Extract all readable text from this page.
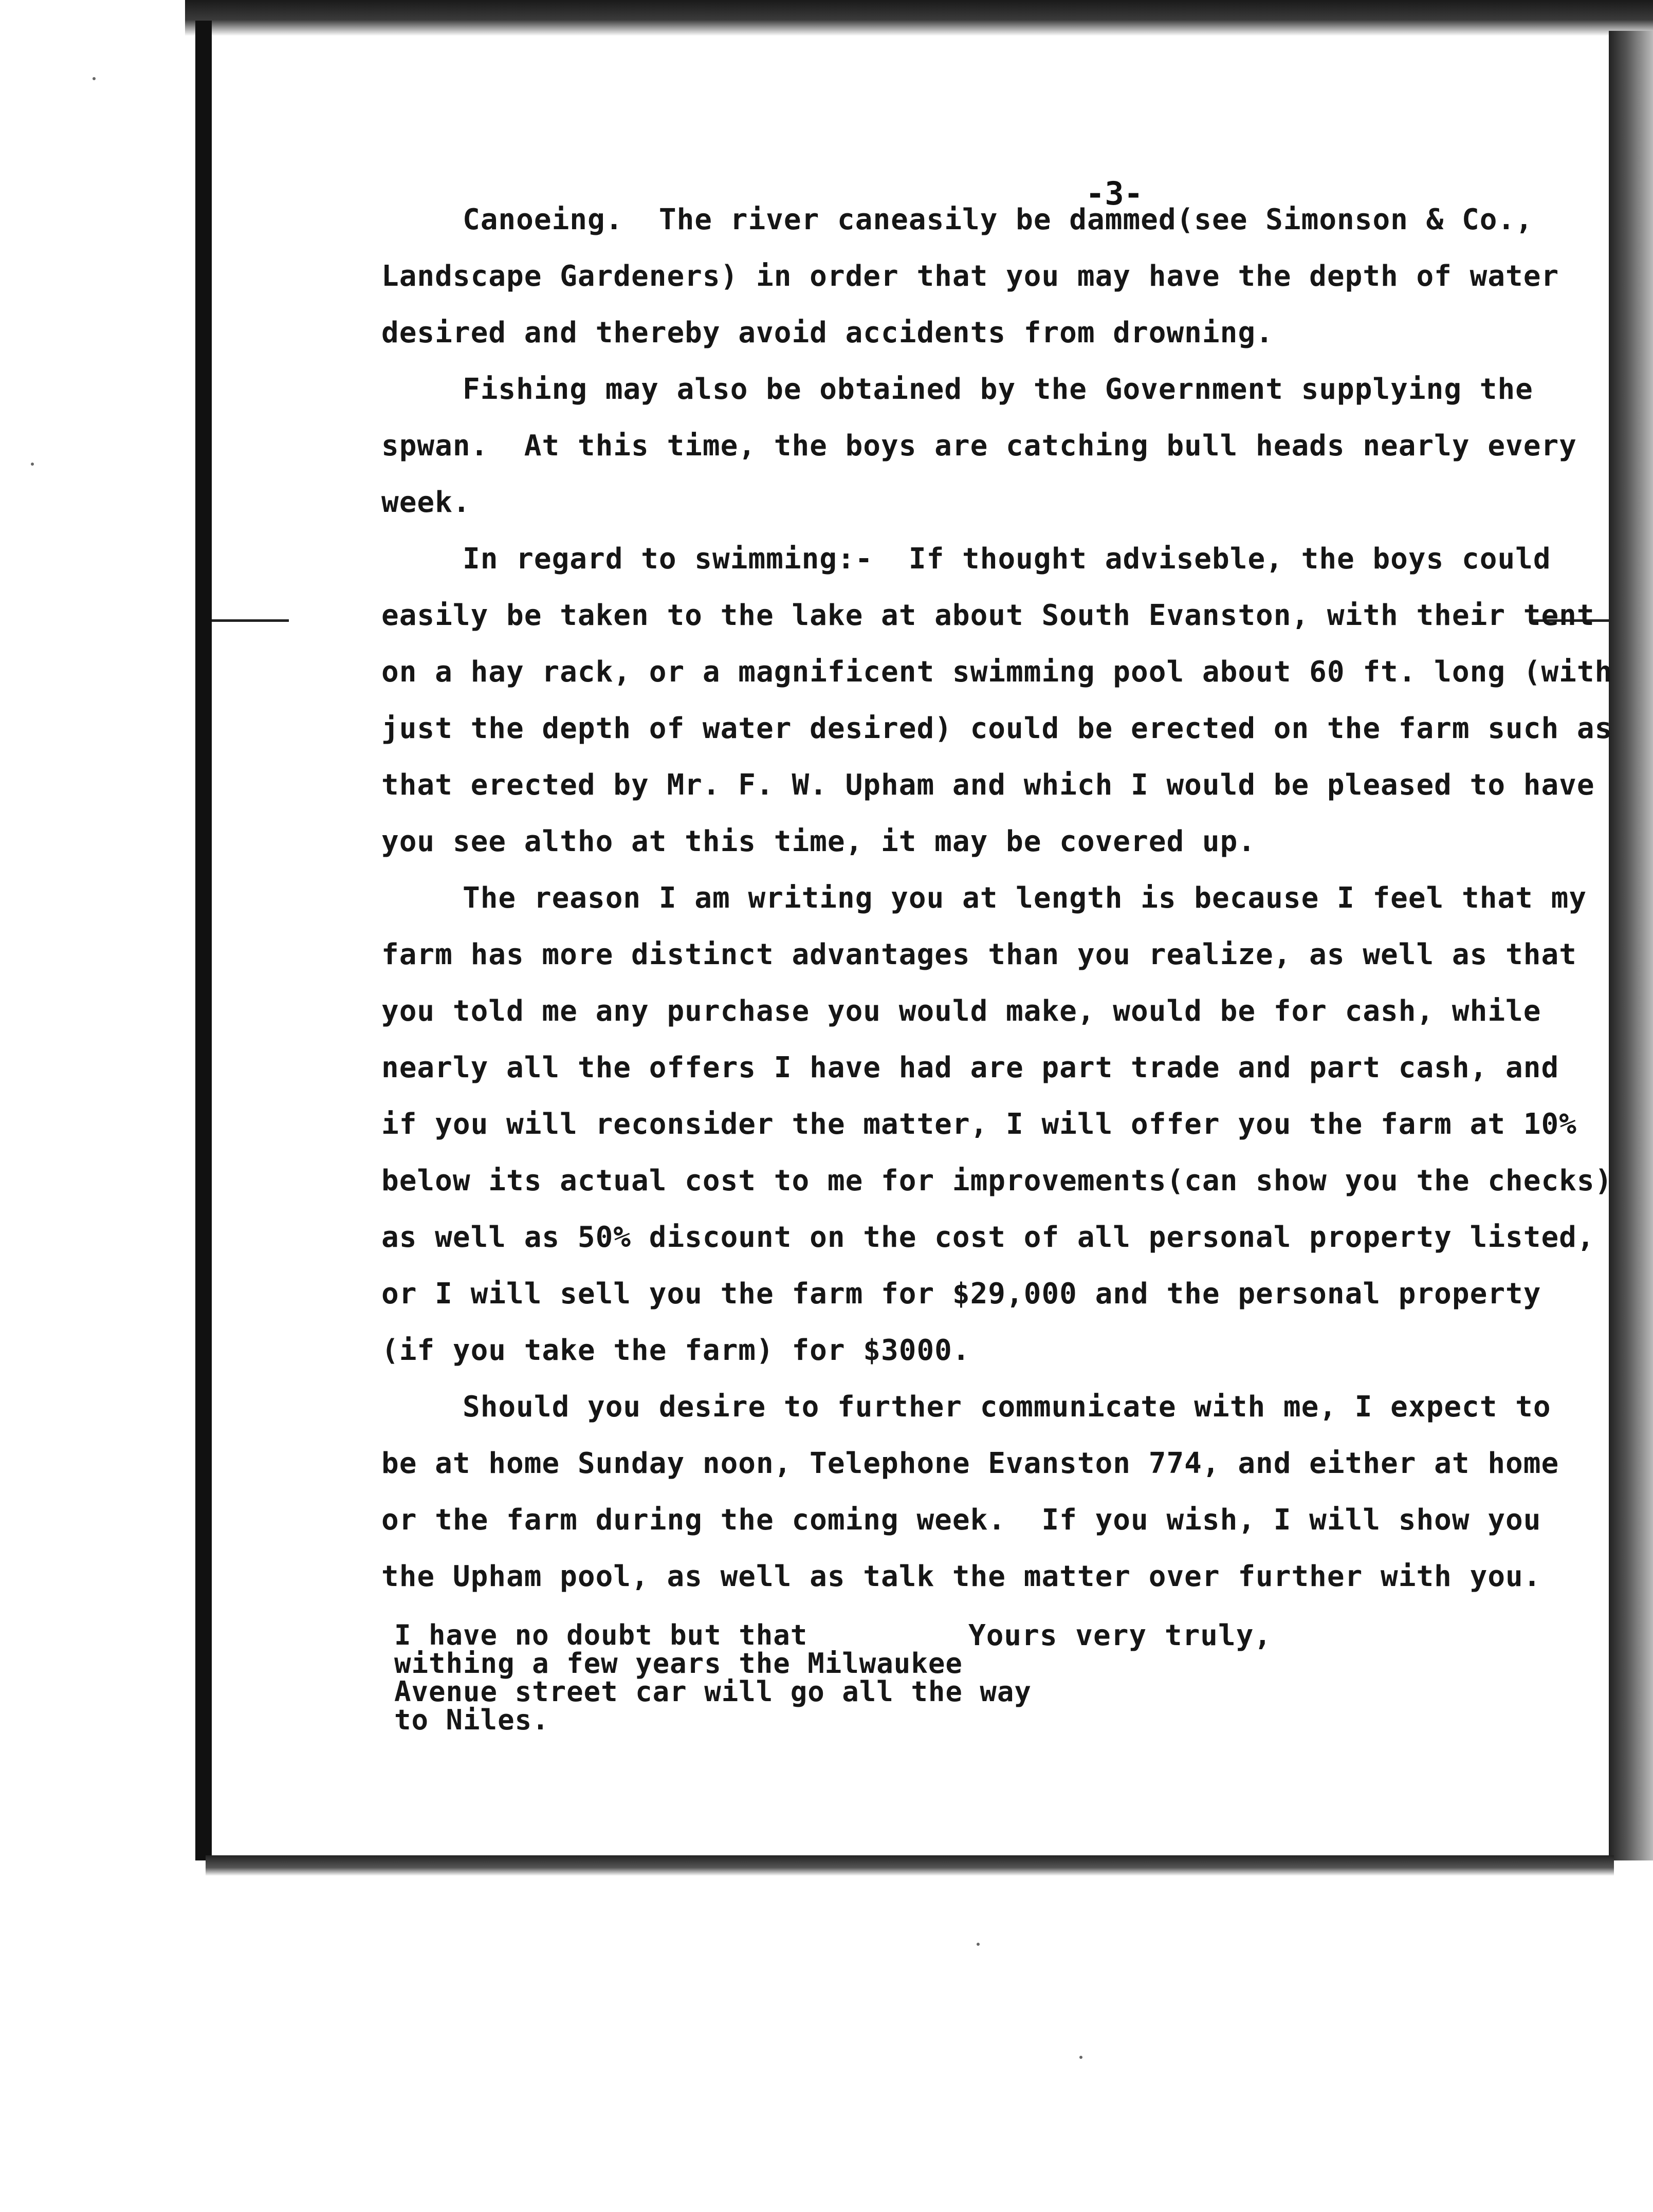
-3-
Canoeing.  The river caneasily be dammed(see Simonson & Co.,
Landscape Gardeners) in order that you may have the depth of water
desired and thereby avoid accidents from drowning.
Fishing may also be obtained by the Government supplying the
spwan.  At this time, the boys are catching bull heads nearly every
week.
In regard to swimming:-  If thought adviseble, the boys could
easily be taken to the lake at about South Evanston, with their tent
on a hay rack, or a magnificent swimming pool about 60 ft. long (with
just the depth of water desired) could be erected on the farm such as
that erected by Mr. F. W. Upham and which I would be pleased to have
you see altho at this time, it may be covered up.
The reason I am writing you at length is because I feel that my
farm has more distinct advantages than you realize, as well as that
you told me any purchase you would make, would be for cash, while
nearly all the offers I have had are part trade and part cash, and
if you will reconsider the matter, I will offer you the farm at 10%
below its actual cost to me for improvements(can show you the checks)
as well as 50% discount on the cost of all personal property listed,
or I will sell you the farm for $29,000 and the personal property
(if you take the farm) for $3000.
Should you desire to further communicate with me, I expect to
be at home Sunday noon, Telephone Evanston 774, and either at home
or the farm during the coming week.  If you wish, I will show you
the Upham pool, as well as talk the matter over further with you.
I have no doubt but that
withing a few years the Milwaukee
Avenue street car will go all the way
to Niles.
Yours very truly,
